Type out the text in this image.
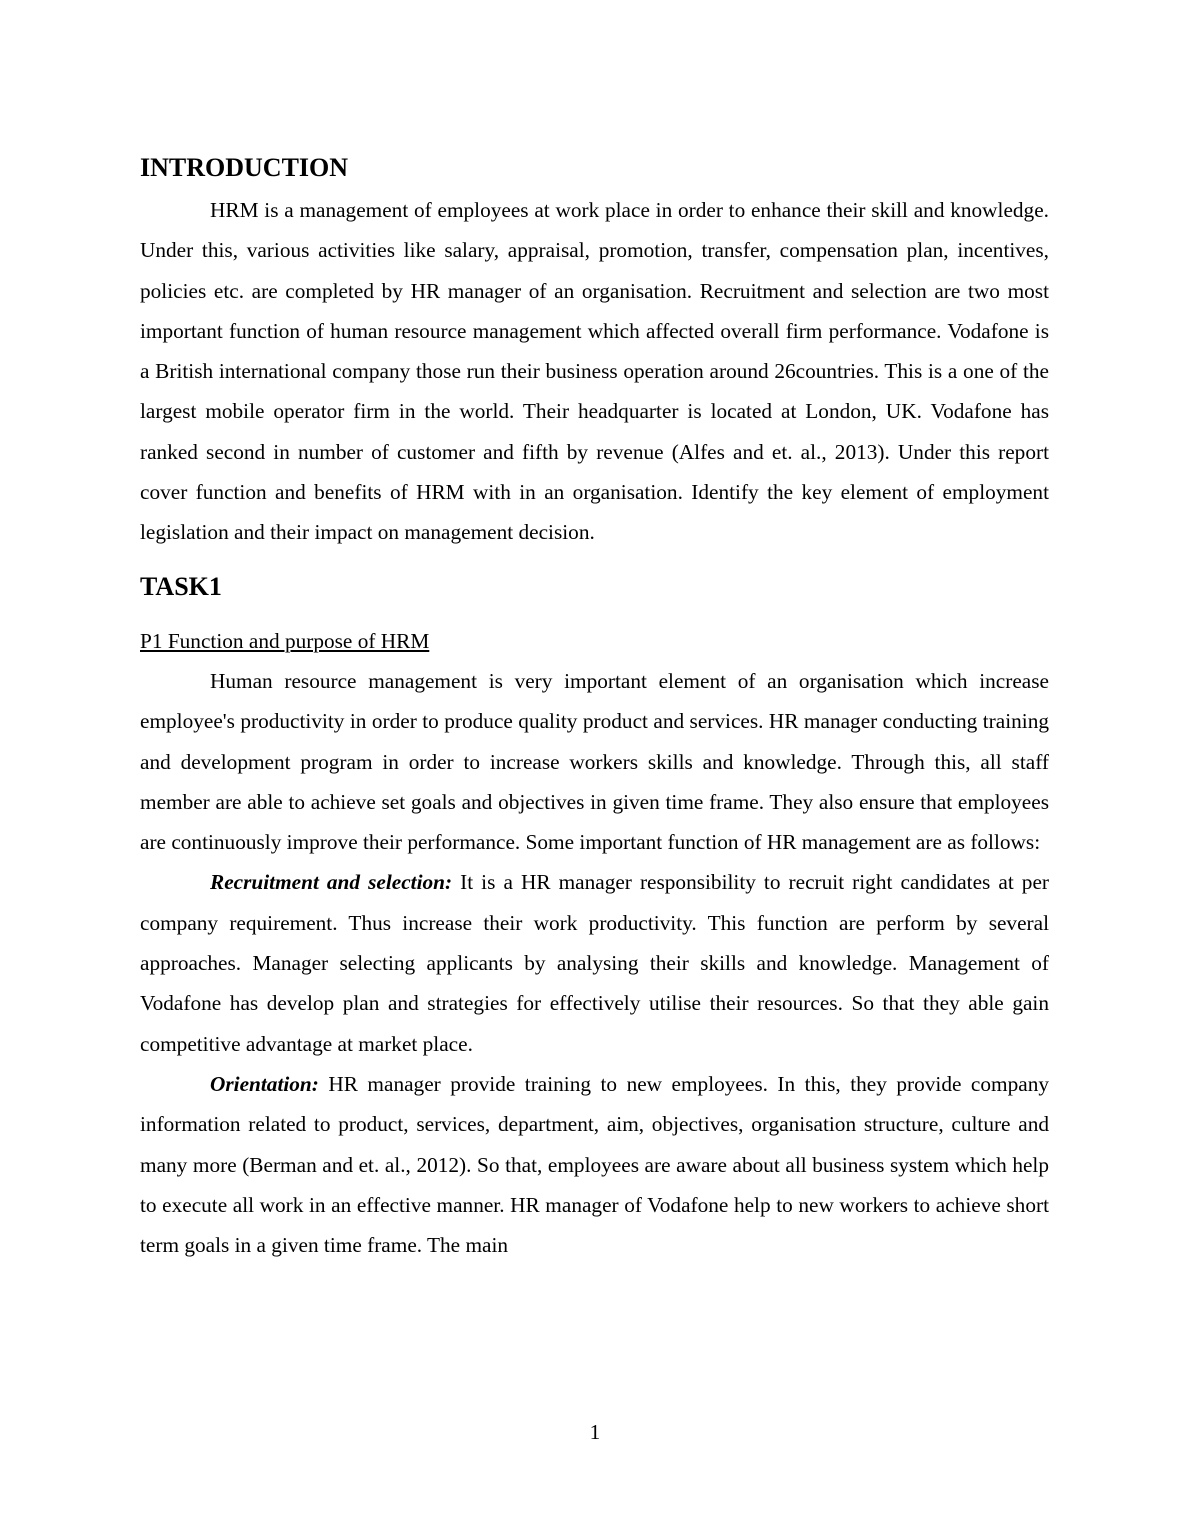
INTRODUCTION

HRM is a management of employees at work place in order to enhance their skill and knowledge. Under this, various activities like salary, appraisal, promotion, transfer, compensation plan, incentives, policies etc. are completed by HR manager of an organisation. Recruitment and selection are two most important function of human resource management which affected overall firm performance. Vodafone is a British international company those run their business operation around 26countries. This is a one of the largest mobile operator firm in the world. Their headquarter is located at London, UK. Vodafone has ranked second in number of customer and fifth by revenue (Alfes and et. al., 2013). Under this report cover function and benefits of HRM with in an organisation. Identify the key element of employment legislation and their impact on management decision.

TASK1

P1 Function and purpose of HRM

Human resource management is very important element of an organisation which increase employee's productivity in order to produce quality product and services. HR manager conducting training and development program in order to increase workers skills and knowledge. Through this, all staff member are able to achieve set goals and objectives in given time frame. They also ensure that employees are continuously improve their performance. Some important function of HR management are as follows:

Recruitment and selection: It is a HR manager responsibility to recruit right candidates at per company requirement. Thus increase their work productivity. This function are perform by several approaches. Manager selecting applicants by analysing their skills and knowledge. Management of Vodafone has develop plan and strategies for effectively utilise their resources. So that they able gain competitive advantage at market place.

Orientation: HR manager provide training to new employees. In this, they provide company information related to product, services, department, aim, objectives, organisation structure, culture and many more (Berman and et. al., 2012). So that, employees are aware about all business system which help to execute all work in an effective manner. HR manager of Vodafone help to new workers to achieve short term goals in a given time frame. The main

1
